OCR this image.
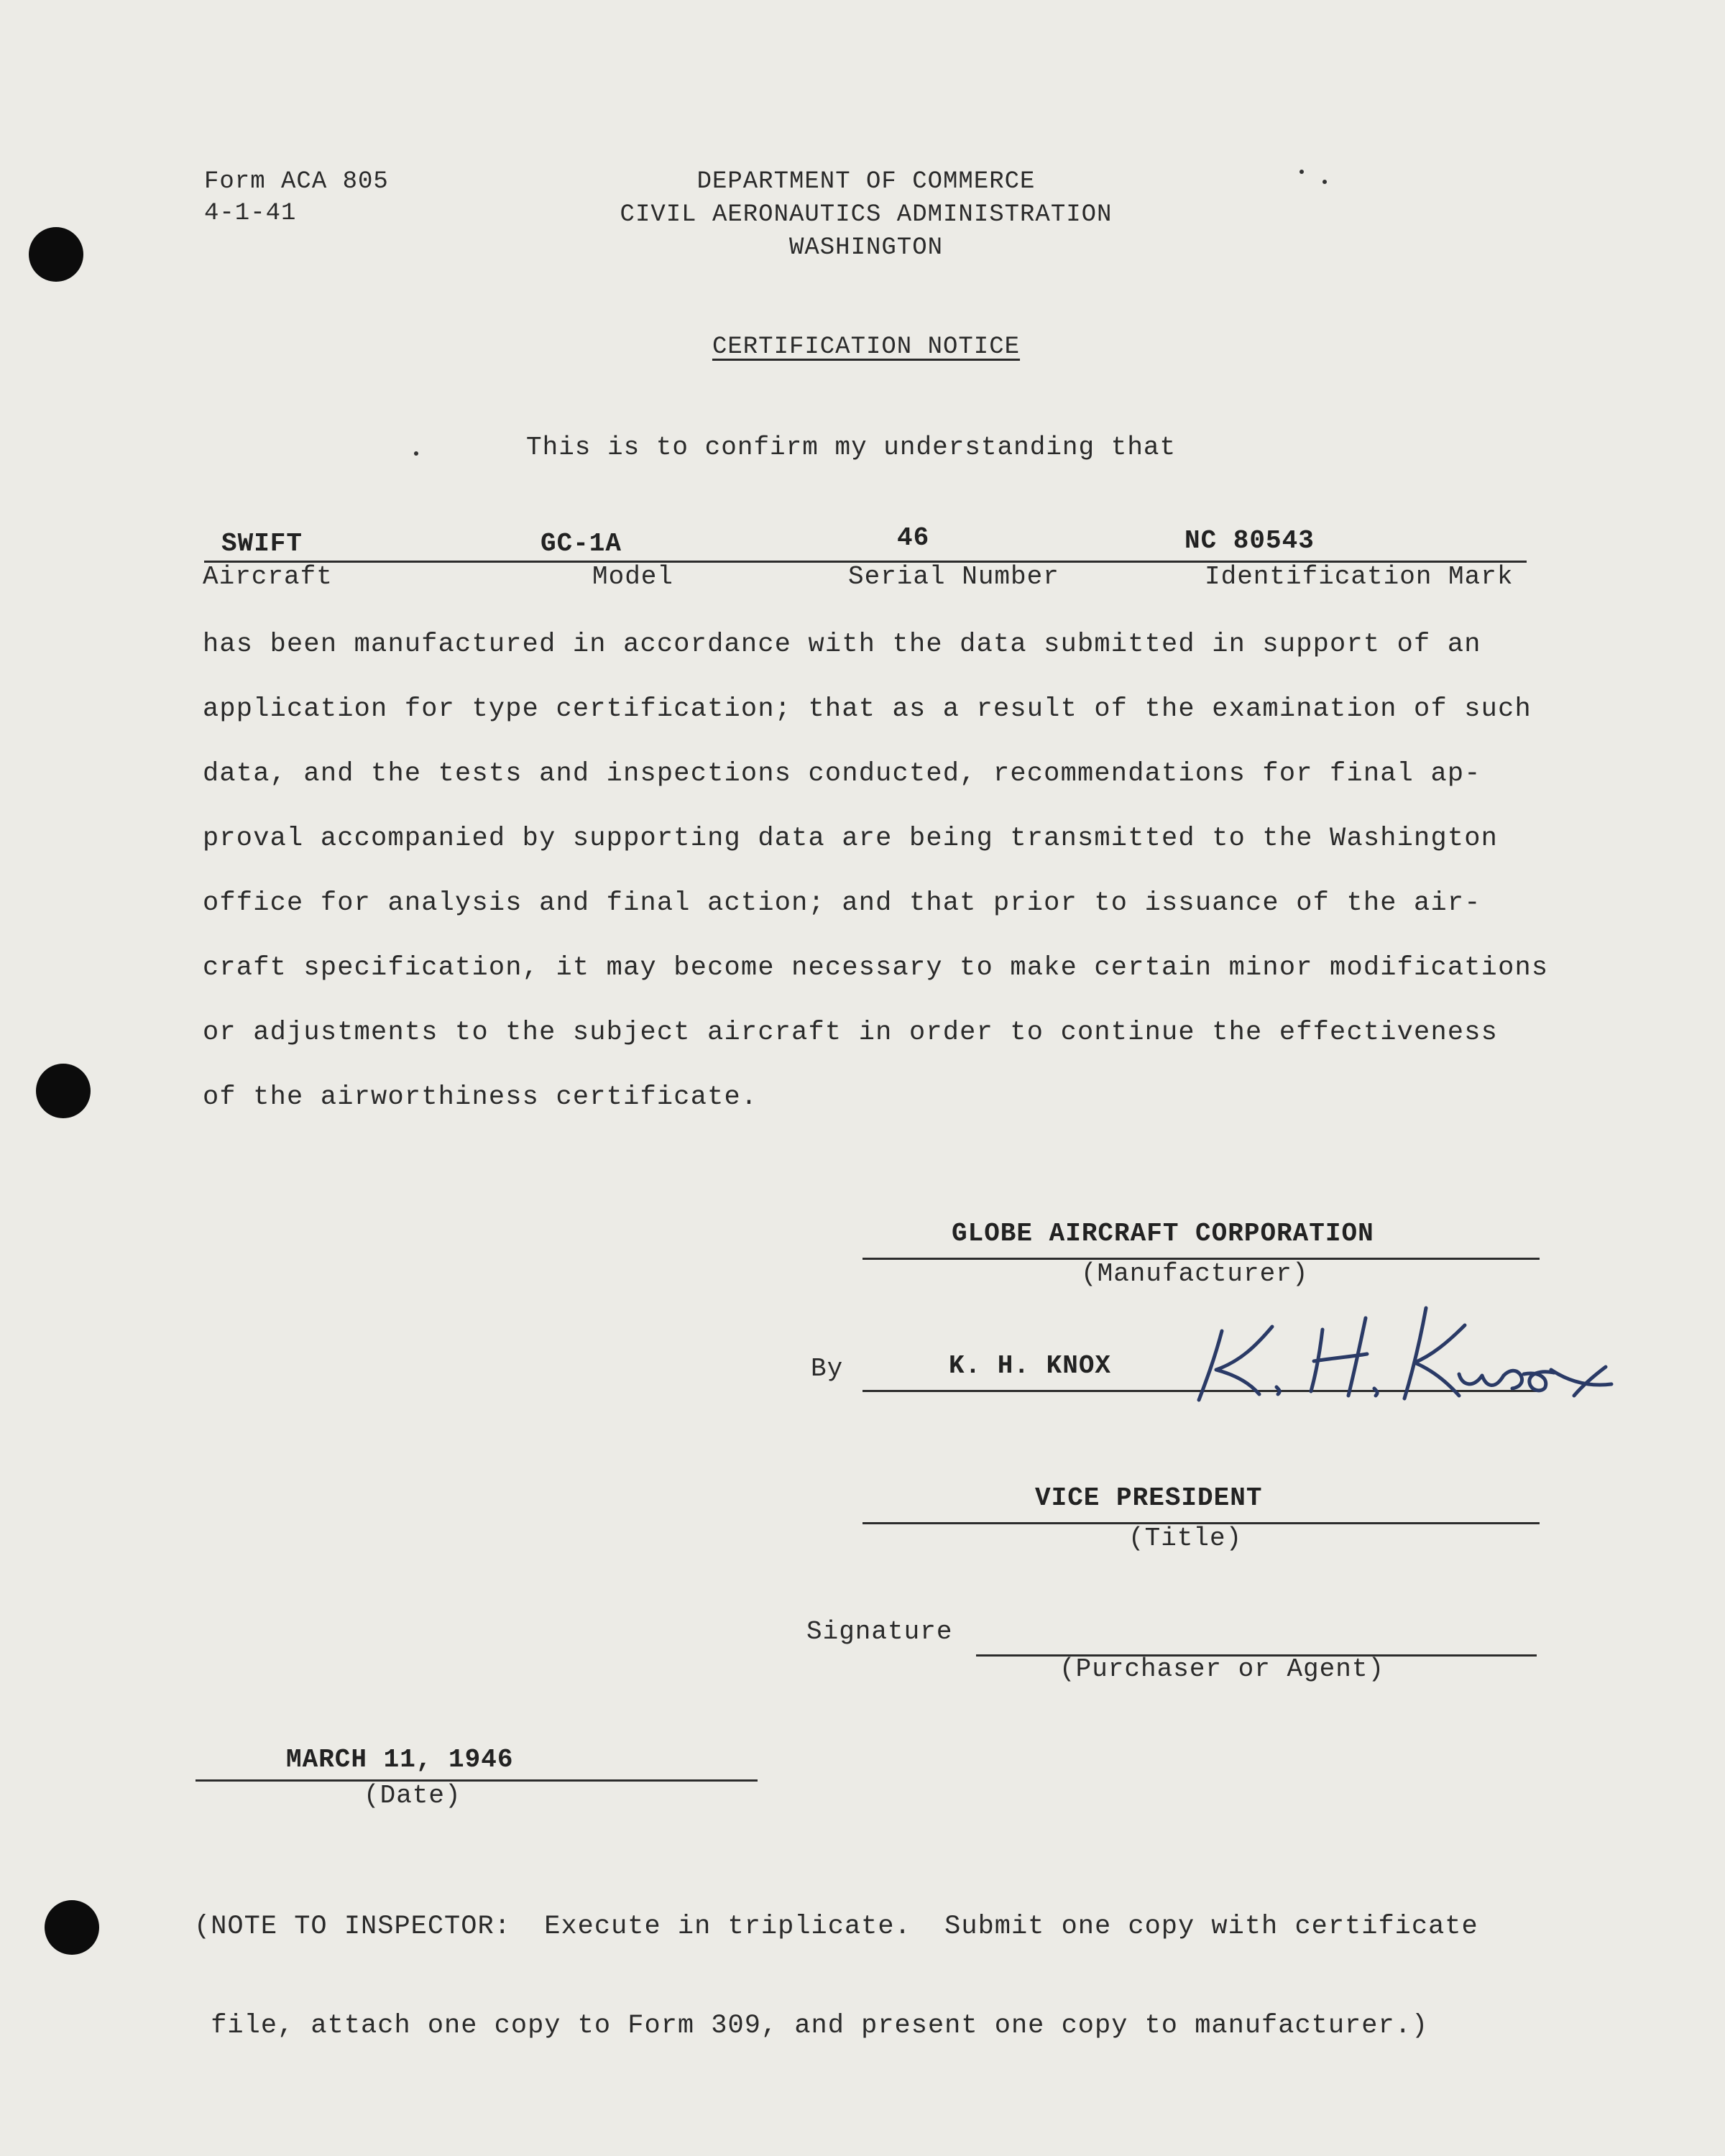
Form ACA 805
4-1-41
DEPARTMENT OF COMMERCE
CIVIL AERONAUTICS ADMINISTRATION
WASHINGTON
CERTIFICATION NOTICE
This is to confirm my understanding that
SWIFT	GC-1A	46	NC 80543
Aircraft	Model	Serial Number	Identification Mark

has been manufactured in accordance with the data submitted in support of an

application for type certification; that as a result of the examination of such

data, and the tests and inspections conducted, recommendations for final ap-

proval accompanied by supporting data are being transmitted to the Washington

office for analysis and final action; and that prior to issuance of the air-

craft specification, it may become necessary to make certain minor modifications

or adjustments to the subject aircraft in order to continue the effectiveness

of the airworthiness certificate.

GLOBE AIRCRAFT CORPORATION
(Manufacturer)
By	K. H. KNOX
VICE PRESIDENT
(Title)
Signature
(Purchaser or Agent)
MARCH 11, 1946
(Date)

(NOTE TO INSPECTOR:  Execute in triplicate.  Submit one copy with certificate

file, attach one copy to Form 309, and present one copy to manufacturer.)
